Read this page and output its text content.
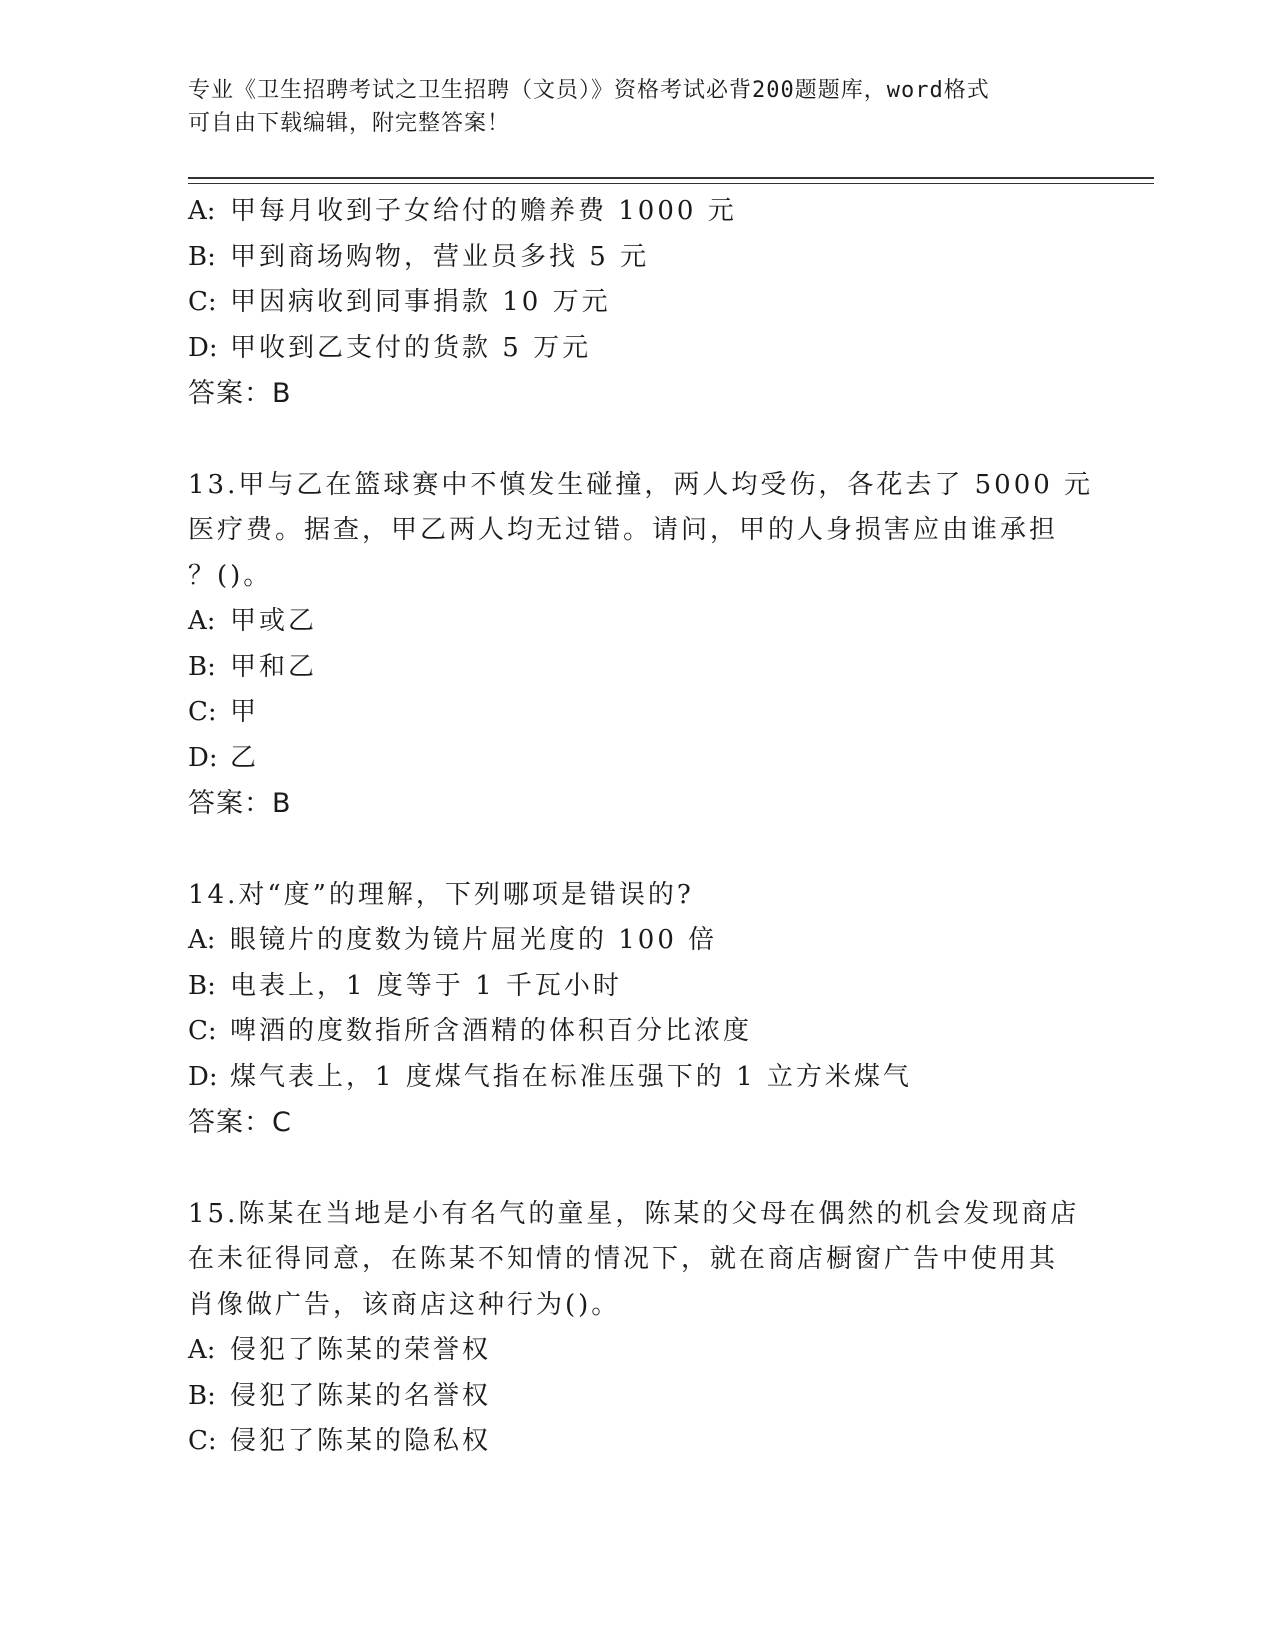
专业《卫生招聘考试之卫生招聘（文员）》资格考试必背200题题库，word格式

可自由下载编辑，附完整答案！

A: 甲每月收到子女给付的赡养费 1000 元
B: 甲到商场购物，营业员多找 5 元
C: 甲因病收到同事捐款 10 万元
D: 甲收到乙支付的货款 5 万元
答案：B
13.甲与乙在篮球赛中不慎发生碰撞，两人均受伤，各花去了 5000 元
医疗费。据查，甲乙两人均无过错。请问，甲的人身损害应由谁承担
？()。
A: 甲或乙
B: 甲和乙
C: 甲
D: 乙
答案：B
14.对“度”的理解，下列哪项是错误的?
A: 眼镜片的度数为镜片屈光度的 100 倍
B: 电表上，1 度等于 1 千瓦小时
C: 啤酒的度数指所含酒精的体积百分比浓度
D: 煤气表上，1 度煤气指在标准压强下的 1 立方米煤气
答案：C
15.陈某在当地是小有名气的童星，陈某的父母在偶然的机会发现商店
在未征得同意，在陈某不知情的情况下，就在商店橱窗广告中使用其
肖像做广告，该商店这种行为()。
A: 侵犯了陈某的荣誉权
B: 侵犯了陈某的名誉权
C: 侵犯了陈某的隐私权
